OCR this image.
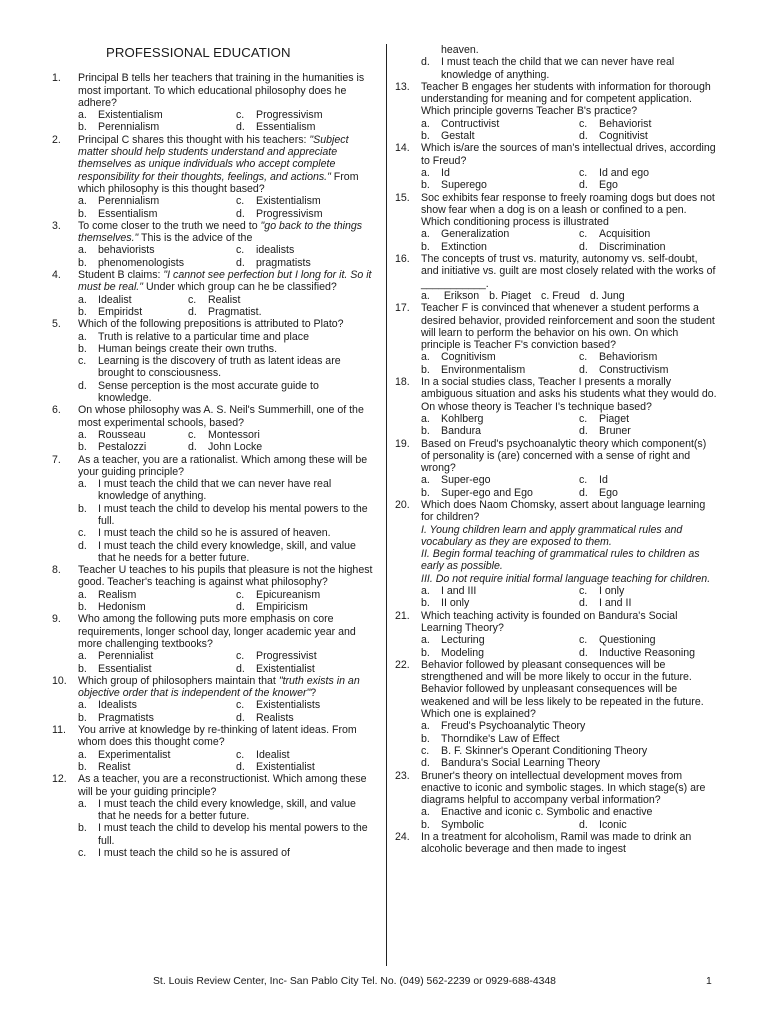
PROFESSIONAL EDUCATION
1. Principal B tells her teachers that training in the humanities is most important. To which educational philosophy does he adhere?
a. Existentialism	c. Progressivism
b. Perennialism	d. Essentialism
2. Principal C shares this thought with his teachers: "Subject matter should help students understand and appreciate themselves as unique individuals who accept complete responsibility for their thoughts, feelings, and actions." From which philosophy is this thought based?
a. Perennialism	c. Existentialism
b. Essentialism	d. Progressivism
3. To come closer to the truth we need to "go back to the things themselves." This is the advice of the
a. behaviorists	c. idealists
b. phenomenologists	d. pragmatists
4. Student B claims: "I cannot see perfection but I long for it. So it must be real." Under which group can he be classified?
a. Idealist	c. Realist
b. Empiridst	d. Pragmatist.
5. Which of the following prepositions is attributed to Plato?
a. Truth is relative to a particular time and place
b. Human beings create their own truths.
c. Learning is the discovery of truth as latent ideas are brought to consciousness.
d. Sense perception is the most accurate guide to knowledge.
6. On whose philosophy was A. S. Neil's Summerhill, one of the most experimental schools, based?
a. Rousseau	c. Montessori
b. Pestalozzi	d. John Locke
7. As a teacher, you are a rationalist. Which among these will be your guiding principle?
a. I must teach the child that we can never have real knowledge of anything.
b. I must teach the child to develop his mental powers to the full.
c. I must teach the child so he is assured of heaven.
d. I must teach the child every knowledge, skill, and value that he needs for a better future.
8. Teacher U teaches to his pupils that pleasure is not the highest good. Teacher's teaching is against what philosophy?
a. Realism	c. Epicureanism
b. Hedonism	d. Empiricism
9. Who among the following puts more emphasis on core requirements, longer school day, longer academic year and more challenging textbooks?
a. Perennialist	c. Progressivist
b. Essentialist	d. Existentialist
10. Which group of philosophers maintain that "truth exists in an objective order that is independent of the knower"?
a. Idealists	c. Existentialists
b. Pragmatists	d. Realists
11. You arrive at knowledge by re-thinking of latent ideas. From whom does this thought come?
a. Experimentalist	c. Idealist
b. Realist	d. Existentialist
12. As a teacher, you are a reconstructionist. Which among these will be your guiding principle?
a. I must teach the child every knowledge, skill, and value that he needs for a better future.
b. I must teach the child to develop his mental powers to the full.
c. I must teach the child so he is assured of
heaven.
d. I must teach the child that we can never have real knowledge of anything.
13. Teacher B engages her students with information for thorough understanding for meaning and for competent application. Which principle governs Teacher B's practice?
a. Contructivist	c. Behaviorist
b. Gestalt	d. Cognitivist
14. Which is/are the sources of man's intellectual drives, according to Freud?
a. Id	c. Id and ego
b. Superego	d. Ego
15. Soc exhibits fear response to freely roaming dogs but does not show fear when a dog is on a leash or confined to a pen. Which conditioning process is illustrated
a. Generalization	c. Acquisition
b. Extinction	d. Discrimination
16. The concepts of trust vs. maturity, autonomy vs. self-doubt, and initiative vs. guilt are most closely related with the works of ___________.
a. Erikson b. Piaget c. Freud d. Jung
17. Teacher F is convinced that whenever a student performs a desired behavior, provided reinforcement and soon the student will learn to perform the behavior on his own. On which principle is Teacher F's conviction based?
a. Cognitivism	c. Behaviorism
b. Environmentalism	d. Constructivism
18. In a social studies class, Teacher I presents a morally ambiguous situation and asks his students what they would do. On whose theory is Teacher I's technique based?
a. Kohlberg	c. Piaget
b. Bandura	d. Bruner
19. Based on Freud's psychoanalytic theory which component(s) of personality is (are) concerned with a sense of right and wrong?
a. Super-ego	c. Id
b. Super-ego and Ego	d. Ego
20. Which does Naom Chomsky, assert about language learning for children?
I. Young children learn and apply grammatical rules and vocabulary as they are exposed to them.
II. Begin formal teaching of grammatical rules to children as early as possible.
III. Do not require initial formal language teaching for children.
a. I and III	c. I only
b. II only	d. I and II
21. Which teaching activity is founded on Bandura's Social Learning Theory?
a. Lecturing	c. Questioning
b. Modeling	d. Inductive Reasoning
22. Behavior followed by pleasant consequences will be strengthened and will be more likely to occur in the future. Behavior followed by unpleasant consequences will be weakened and will be less likely to be repeated in the future. Which one is explained?
a. Freud's Psychoanalytic Theory
b. Thorndike's Law of Effect
c. B. F. Skinner's Operant Conditioning Theory
d. Bandura's Social Learning Theory
23. Bruner's theory on intellectual development moves from enactive to iconic and symbolic stages. In which stage(s) are diagrams helpful to accompany verbal information?
a. Enactive and iconic c. Symbolic and enactive
b. Symbolic	d. Iconic
24. In a treatment for alcoholism, Ramil was made to drink an alcoholic beverage and then made to ingest
St. Louis Review Center, Inc- San Pablo City Tel. No. (049) 562-2239 or 0929-688-4348	1
